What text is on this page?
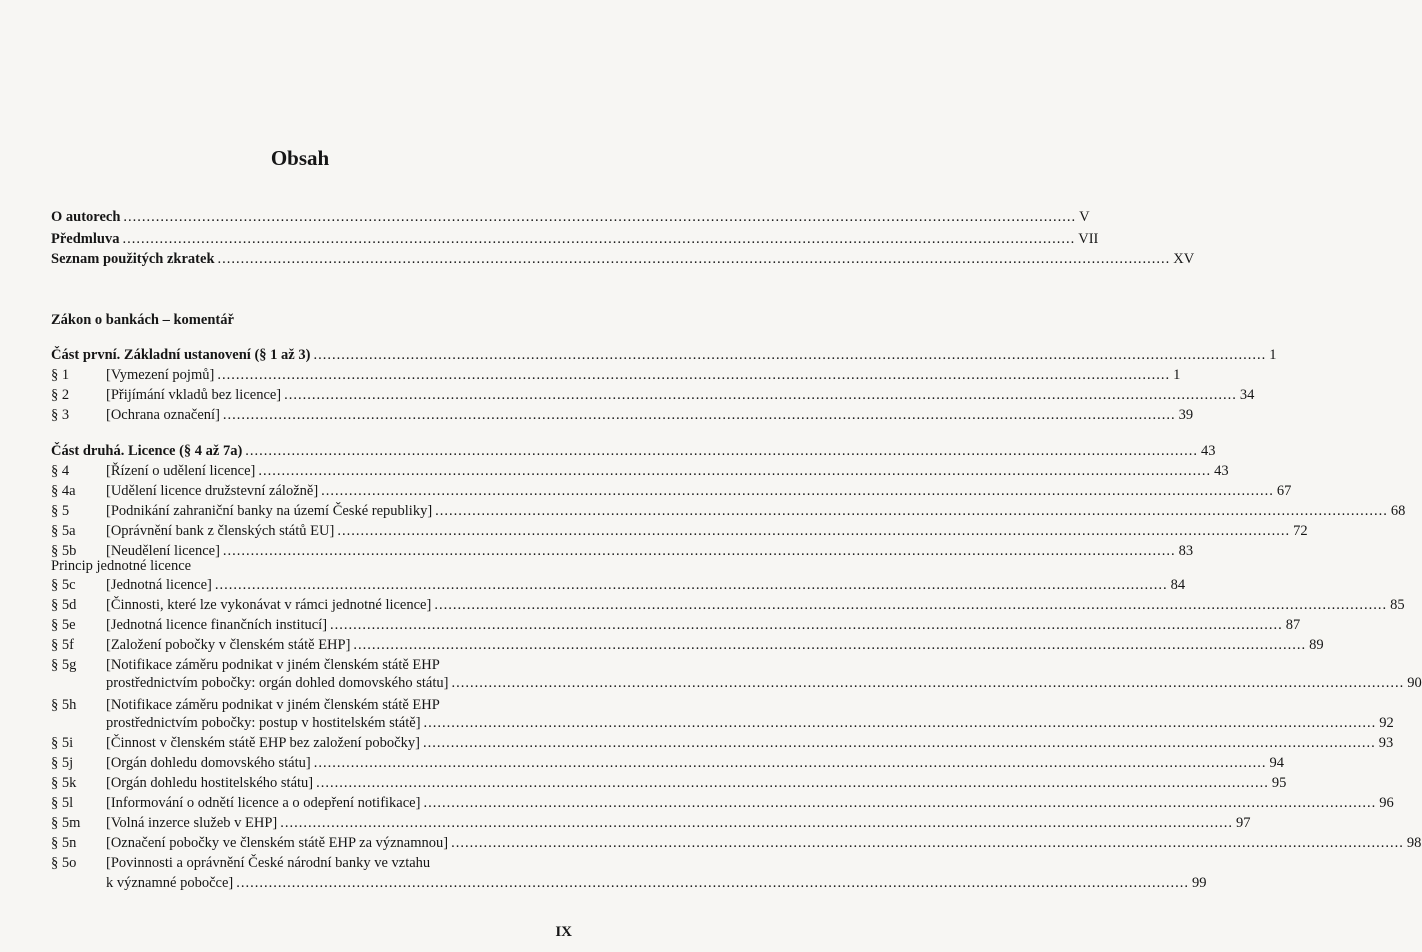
Obsah
O autorech .....	V
Předmluva .....	VII
Seznam použitých zkratek .....	XV
Zákon o bankách – komentář
Část první. Základní ustanovení (§ 1 až 3) .....	1
§ 1	[Vymezení pojmů] .....	1
§ 2	[Přijímání vkladů bez licence] .....	34
§ 3	[Ochrana označení] .....	39
Část druhá. Licence (§ 4 až 7a) .....	43
§ 4	[Řízení o udělení licence] .....	43
§ 4a	[Udělení licence družstevní záložně] .....	67
§ 5	[Podnikání zahraniční banky na území České republiky] .....	68
§ 5a	[Oprávnění bank z členských států EU] .....	72
§ 5b	[Neudělení licence] .....	83
Princip jednotné licence
§ 5c	[Jednotná licence] .....	84
§ 5d	[Činnosti, které lze vykonávat v rámci jednotné licence] .....	85
§ 5e	[Jednotná licence finančních institucí] .....	87
§ 5f	[Založení pobočky v členském státě EHP] .....	89
§ 5g	[Notifikace záměru podnikat v jiném členském státě EHP
prostřednictvím pobočky: orgán dohled domovského státu] .....	90
§ 5h	[Notifikace záměru podnikat v jiném členském státě EHP
prostřednictvím pobočky: postup v hostitelském státě] .....	92
§ 5i	[Činnost v členském státě EHP bez založení pobočky] .....	93
§ 5j	[Orgán dohledu domovského státu] .....	94
§ 5k	[Orgán dohledu hostitelského státu] .....	95
§ 5l	[Informování o odnětí licence a o odepření notifikace] .....	96
§ 5m	[Volná inzerce služeb v EHP] .....	97
§ 5n	[Označení pobočky ve členském státě EHP za významnou] .....	98
§ 5o	[Povinnosti a oprávnění České národní banky ve vztahu
k významné pobočce] .....	99
IX
